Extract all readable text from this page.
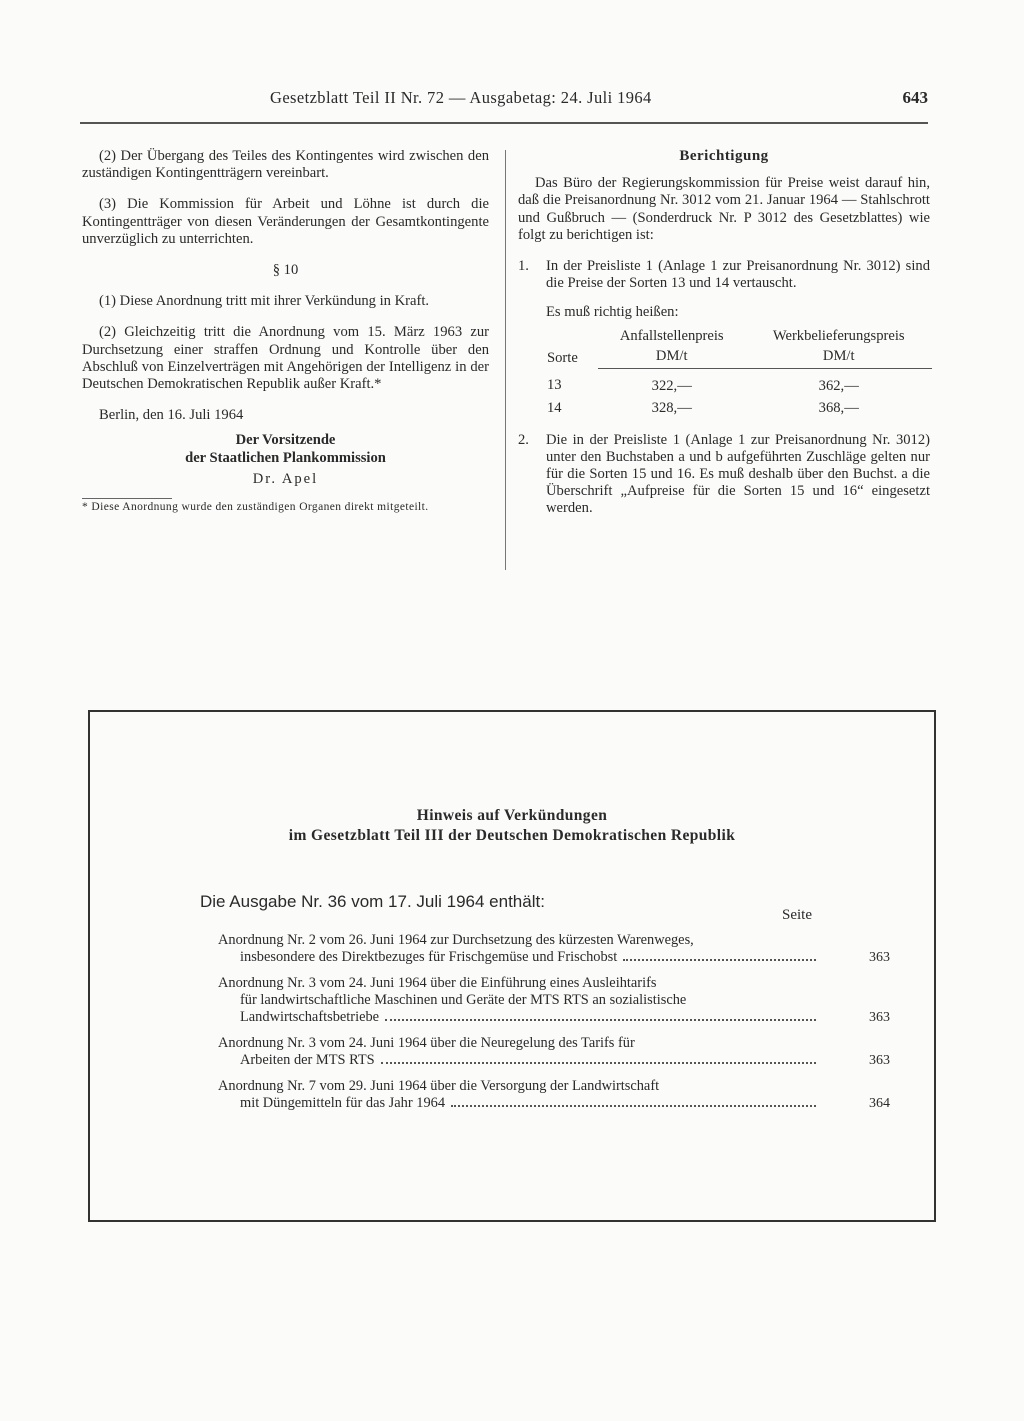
Gesetzblatt Teil II Nr. 72 — Ausgabetag: 24. Juli 1964	643

(2) Der Übergang des Teiles des Kontingentes wird zwischen den zuständigen Kontingentträgern vereinbart.

(3) Die Kommission für Arbeit und Löhne ist durch die Kontingentträger von diesen Veränderungen der Gesamtkontingente unverzüglich zu unterrichten.

§ 10

(1) Diese Anordnung tritt mit ihrer Verkündung in Kraft.

(2) Gleichzeitig tritt die Anordnung vom 15. März 1963 zur Durchsetzung einer straffen Ordnung und Kontrolle über den Abschluß von Einzelverträgen mit Angehörigen der Intelligenz in der Deutschen Demokratischen Republik außer Kraft.*

Berlin, den 16. Juli 1964

Der Vorsitzende

der Staatlichen Plankommission

Dr. Apel

* Diese Anordnung wurde den zuständigen Organen direkt mitgeteilt.

Berichtigung

Das Büro der Regierungskommission für Preise weist darauf hin, daß die Preisanordnung Nr. 3012 vom 21. Januar 1964 — Stahlschrott und Gußbruch — (Sonderdruck Nr. P 3012 des Gesetzblattes) wie folgt zu berichtigen ist:

1.	In der Preisliste 1 (Anlage 1 zur Preisanordnung Nr. 3012) sind die Preise der Sorten 13 und 14 vertauscht.

Es muß richtig heißen:

Sorte	Anfallstellenpreis	Werkbelieferungspreis
	DM/t	DM/t
13	322,—	362,—
14	328,—	368,—
2.	Die in der Preisliste 1 (Anlage 1 zur Preisanordnung Nr. 3012) unter den Buchstaben a und b aufgeführten Zuschläge gelten nur für die Sorten 15 und 16. Es muß deshalb über den Buchst. a die Überschrift „Aufpreise für die Sorten 15 und 16“ eingesetzt werden.
Hinweis auf Verkündungen
im Gesetzblatt Teil III der Deutschen Demokratischen Republik
Die Ausgabe Nr. 36 vom 17. Juli 1964 enthält:
Seite
Anordnung Nr. 2 vom 26. Juni 1964 zur Durchsetzung des kürzesten Warenweges,
insbesondere des Direktbezuges für Frischgemüse und Frischobst	363
Anordnung Nr. 3 vom 24. Juni 1964 über die Einführung eines Ausleihtarifs
für landwirtschaftliche Maschinen und Geräte der MTS RTS an sozialistische
Landwirtschaftsbetriebe	363
Anordnung Nr. 3 vom 24. Juni 1964 über die Neuregelung des Tarifs für
Arbeiten der MTS RTS	363
Anordnung Nr. 7 vom 29. Juni 1964 über die Versorgung der Landwirtschaft
mit Düngemitteln für das Jahr 1964	364
